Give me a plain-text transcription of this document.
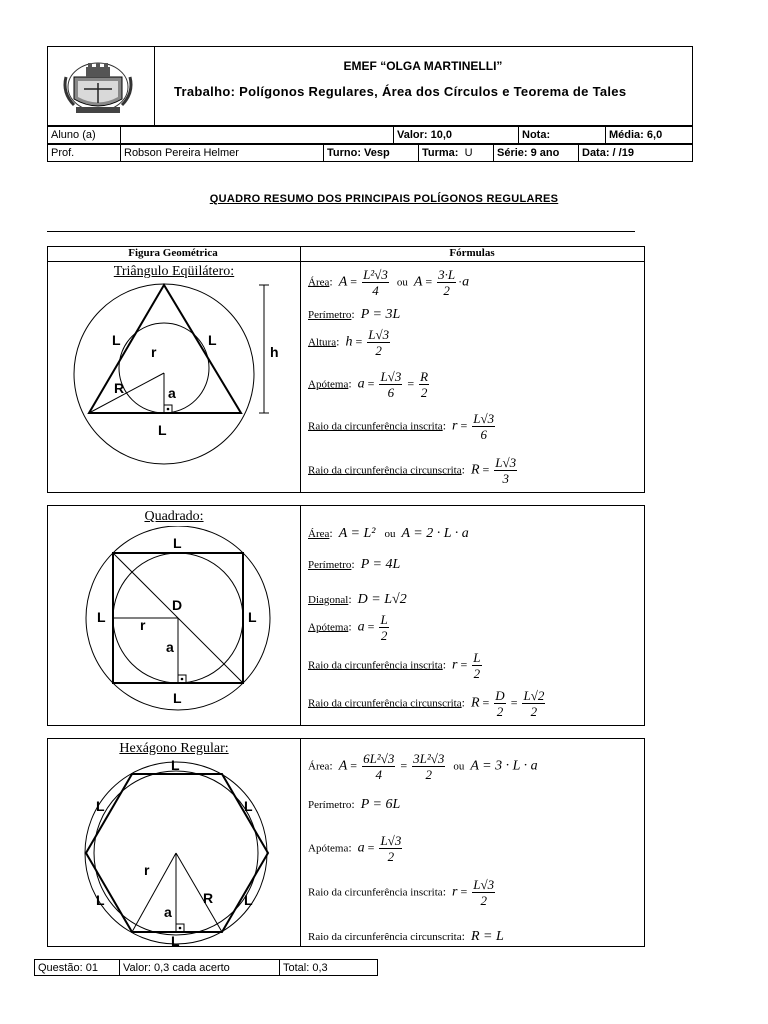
EMEF “OLGA MARTINELLI”
Trabalho: Polígonos Regulares, Área dos Círculos e Teorema de Tales
Aluno (a)		Valor: 10,0	Nota:	Média: 6,0
Prof.	Robson Pereira Helmer	Turno: Vesp	Turma: U	Série: 9 ano	Data: / /19
QUADRO RESUMO DOS PRINCIPAIS POLÍGONOS REGULARES
Figura Geométrica	Fórmulas
Triângulo Eqüilátero:
L	L
L
r
R	a
h
Área:  $A = \frac{\text{L²√3}}{4}$ ou $A = \frac{3\cdot L}{2} \cdot a$
Perímetro:  P = 3L
Altura:  $h = \frac{L√3}{2}$
Apótema:  $a = \frac{L√3}{6} = \frac{R}{2}$
Raio da circunferência inscrita:  $r = \frac{L√3}{6}$
Raio da circunferência circunscrita:  $R = \frac{L√3}{3}$
Quadrado:
L
L
L	L
D
r
a
Área:  A = L² ou A = 2 · L · a
Perímetro:  P = 4L
Diagonal:  D = L√2
Apótema:  $a = \frac{L}{2}$
Raio da circunferência inscrita:  $r = \frac{L}{2}$
Raio da circunferência circunscrita:  $R = \frac{D}{2} = \frac{L√2}{2}$
Hexágono Regular:
L
L
L	L
L	L
r
a
R
Área:  $A = \frac{\text{6L²√3}}{4} = \frac{\text{3L²√3}}{2}$ ou A = 3 · L · a
Perímetro:  P = 6L
Apótema:  $a = \frac{L√3}{2}$
Raio da circunferência inscrita:  $r = \frac{L√3}{2}$
Raio da circunferência circunscrita:  R = L
Questão: 01	Valor: 0,3 cada acerto	Total: 0,3
